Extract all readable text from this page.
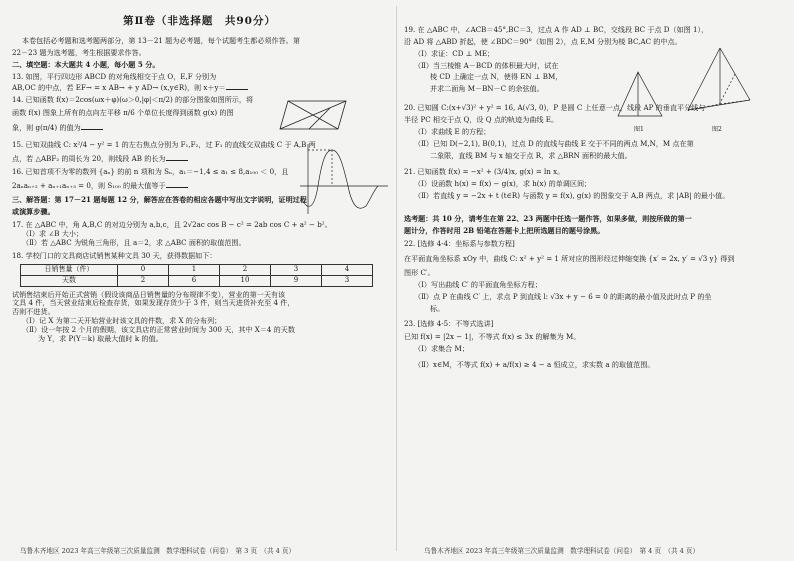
第Ⅱ卷（非选择题　共90分）
本卷包括必考题和选考题两部分，第 13－21 题为必考题，每个试题考生都必须作答。第
22－23 题为选考题，考生根据要求作答。
二、填空题：本大题共 4 小题，每小题 5 分。
13. 如图，平行四边形 ABCD 的对角线相交于点 O，E,F 分别为
AB,OC 的中点，若 EF→ = x AB→ + y AD→ (x,y∈R)，则 x＋y＝
14. 已知函数 f(x)＝2cos(ωx＋φ)(ω＞0,|φ|＜π/2) 的部分图象如图所示，将
函数 f(x) 图象上所有的点向左平移 π/6 个单位长度得到函数 g(x) 的图
象，则 g(π/4) 的值为
15. 已知双曲线 C: x²/4 − y² = 1 的左右焦点分别为 F₁,F₂，过 F₁ 的直线交双曲线 C 于 A,B 两
点，若 △ABF₂ 的周长为 20，则线段 AB 的长为
16. 已知首项不为零的数列 {aₙ} 的前 n 项和为 Sₙ，a₁＝−1,4 ≤ a₁ ≤ 8,a₁₀₀ ＜ 0，且
2aₙaₙ₊₂ + aₙ₊₁aₙ₊₃ = 0，则 S₁₀₀ 的最大值等于
三、解答题：第 17－21 题每题 12 分，解答应在答卷的相应各题中写出文字说明，证明过程
或演算步骤。
17. 在 △ABC 中，角 A,B,C 的对边分别为 a,b,c，且 2√2ac cos B − c² = 2ab cos C + a² − b²。
（Ⅰ）求 ∠B 大小；
（Ⅱ）若 △ABC 为锐角三角形，且 a＝2，求 △ABC 面积的取值范围。
18. 学校门口的文具商店试销售某种文具 30 天，获得数据如下：
日销售量（件）	0	1	2	3	4
天数	2	6	10	9	3
试销售结束后开始正式营销（假设该商品日销售量的分布规律不变），营业的第一天有该
文具 4 件，当天营业结束后检查存货，如果发现存货少于 3 件，则当天进货补充至 4 件，
否则不进货。
（Ⅰ）记 X 为第二天开始营业时该文具的件数，求 X 的分布列；
（Ⅱ）设一年按 2 个月的假期，该文具店的正常营业时间为 300 天，其中 X＝4 的天数
为 Y，求 P(Y＝k) 取最大值时 k 的值。
乌鲁木齐地区 2023 年高三年级第三次质量监测　数学理科试卷（问卷）　第 3 页　（共 4 页）
19. 在 △ABC 中，∠ACB＝45°,BC＝3，过点 A 作 AD ⊥ BC，交线段 BC 于点 D（如图 1），
沿 AD 将 △ABD 折起，使 ∠BDC＝90°（如图 2），点 E,M 分别为棱 BC,AC 的中点。
（Ⅰ）求证：CD ⊥ ME；
（Ⅱ）当三棱锥 A－BCD 的体积最大时，试在
棱 CD 上确定一点 N，使得 EN ⊥ BM，
并求二面角 M－BN－C 的余弦值。
20. 已知圆 C:(x+√3)² + y² = 16, A(√3, 0)，P 是圆 C 上任意一点，线段 AP 的垂直平分线与
半径 PC 相交于点 Q，设 Q 点的轨迹为曲线 E。
（Ⅰ）求曲线 E 的方程；
（Ⅱ）已知 D(−2,1), B(0,1)，过点 D 的直线与曲线 E 交于不同的两点 M,N，M 点在第
二象限，直线 BM 与 x 轴交于点 R，求 △BRN 面积的最大值。
21. 已知函数 f(x) = −x² + (3/4)x, g(x) = ln x。
（Ⅰ）设函数 h(x) = f(x) − g(x)，求 h(x) 的单调区间；
（Ⅱ）若直线 y = −2x + t (t∈R) 与函数 y = f(x), g(x) 的图象交于 A,B 两点，求 |AB| 的最小值。
选考题：共 10 分，请考生在第 22、23 两题中任选一题作答，如果多做，则按所做的第一
题计分，作答时用 2B 铅笔在答题卡上把所选题目的题号涂黑。
22. [选修 4-4：坐标系与参数方程]
在平面直角坐标系 xOy 中，曲线 C: x² + y² = 1 所对应的图形经过伸缩变换 {x′ = 2x, y′ = √3 y} 得到
图形 C′。
（Ⅰ）写出曲线 C′ 的平面直角坐标方程；
（Ⅱ）点 P 在曲线 C′ 上，求点 P 到直线 l: √3x + y − 6 = 0 的距离的最小值及此时点 P 的坐
标。
23. [选修 4-5：不等式选讲]
已知 f(x) = |2x − 1|，不等式 f(x) ≤ 3x 的解集为 M。
（Ⅰ）求集合 M；
（Ⅱ）x∈M，不等式 f(x) + a/f(x) ≥ 4 − a 恒成立，求实数 a 的取值范围。
乌鲁木齐地区 2023 年高三年级第三次质量监测　数学理科试卷（问卷）　第 4 页　（共 4 页）
图1	图2
